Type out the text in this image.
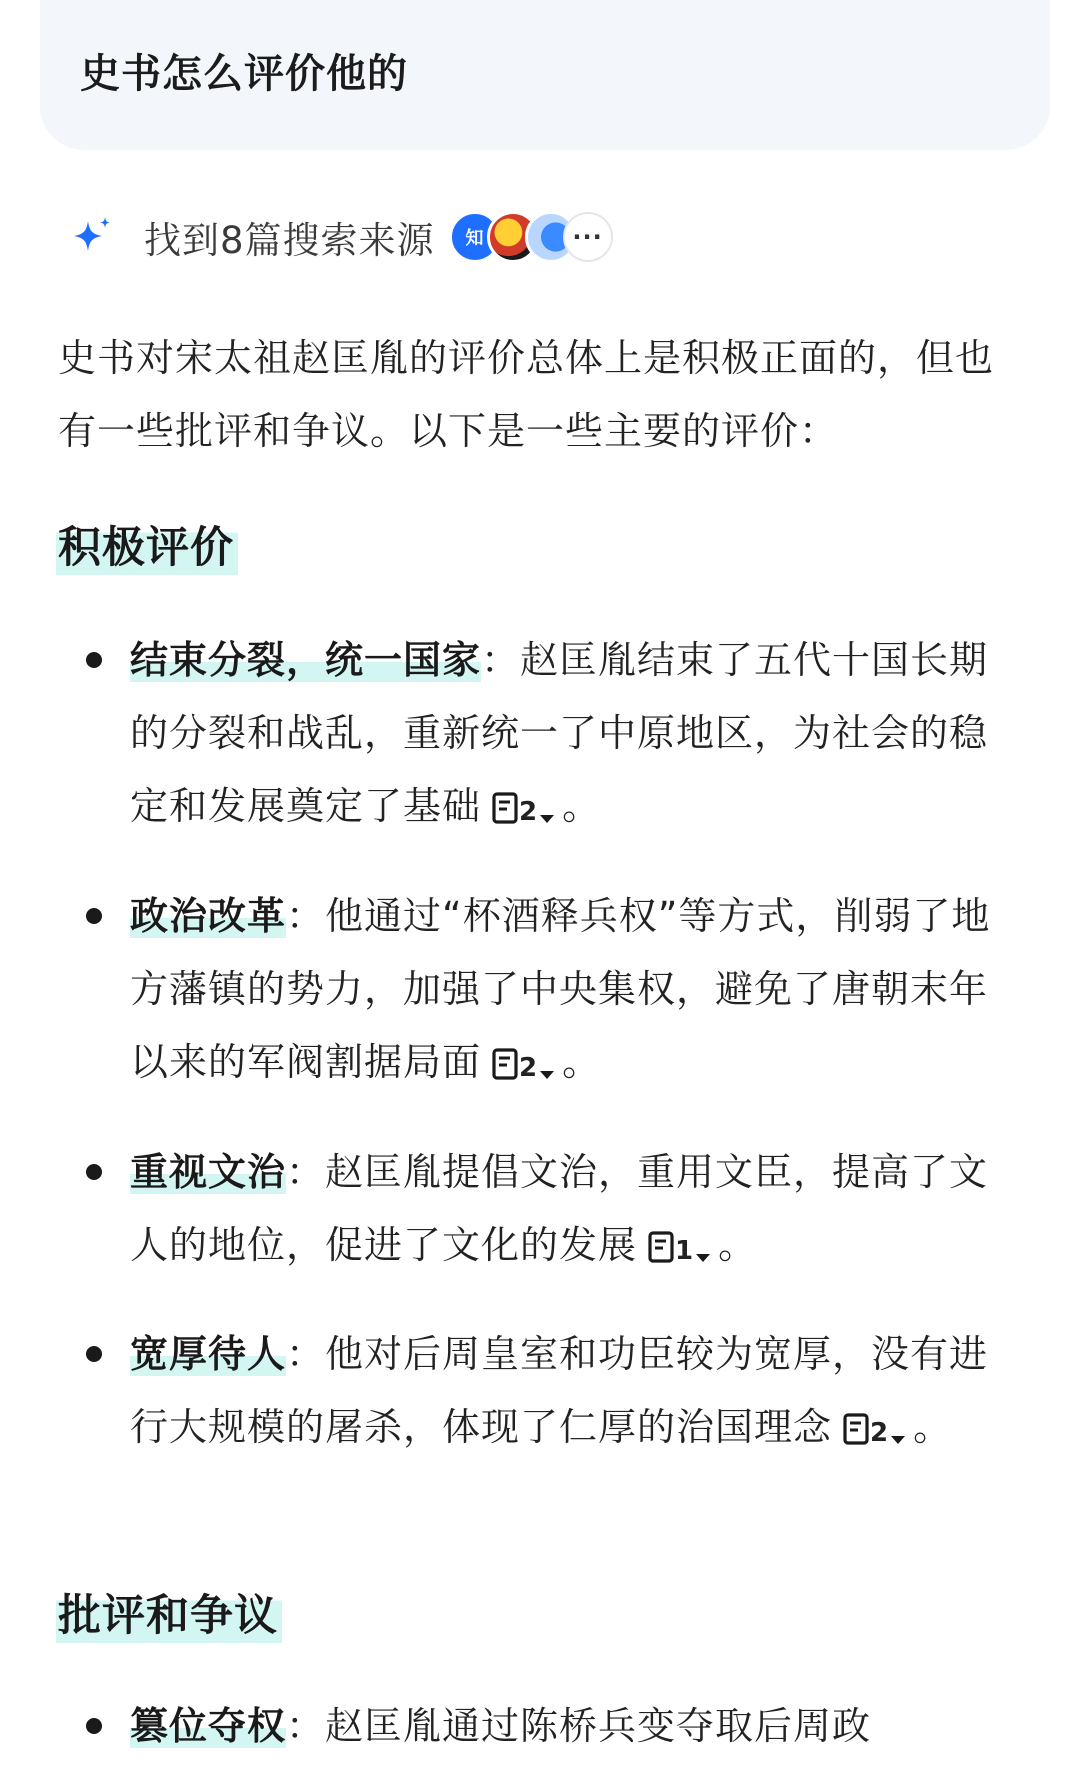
史书怎么评价他的
找到8篇搜索来源	知	···
史书对宋太祖赵匡胤的评价总体上是积极正面的，但也有一些批评和争议。以下是一些主要的评价：
积极评价
结束分裂，统一国家：赵匡胤结束了五代十国长期的分裂和战乱，重新统一了中原地区，为社会的稳定和发展奠定了基础 2 。
政治改革：他通过“杯酒释兵权”等方式，削弱了地方藩镇的势力，加强了中央集权，避免了唐朝末年以来的军阀割据局面 2 。
重视文治：赵匡胤提倡文治，重用文臣，提高了文人的地位，促进了文化的发展 1 。
宽厚待人：他对后周皇室和功臣较为宽厚，没有进行大规模的屠杀，体现了仁厚的治国理念 2 。
批评和争议
篡位夺权：赵匡胤通过陈桥兵变夺取后周政
